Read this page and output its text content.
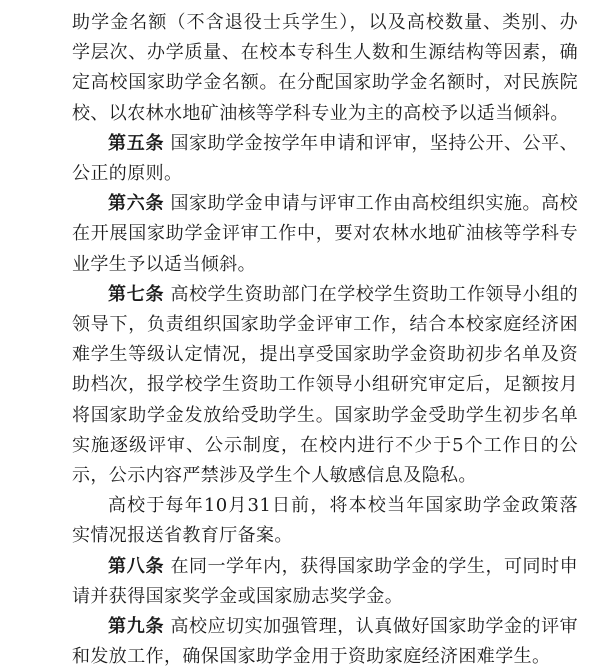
助学金名额（不含退役士兵学生），以及高校数量、类别、办学层次、办学质量、在校本专科生人数和生源结构等因素，确定高校国家助学金名额。在分配国家助学金名额时，对民族院校、以农林水地矿油核等学科专业为主的高校予以适当倾斜。

第五条 国家助学金按学年申请和评审，坚持公开、公平、公正的原则。

第六条 国家助学金申请与评审工作由高校组织实施。高校在开展国家助学金评审工作中，要对农林水地矿油核等学科专业学生予以适当倾斜。

第七条 高校学生资助部门在学校学生资助工作领导小组的领导下，负责组织国家助学金评审工作，结合本校家庭经济困难学生等级认定情况，提出享受国家助学金资助初步名单及资助档次，报学校学生资助工作领导小组研究审定后，足额按月将国家助学金发放给受助学生。国家助学金受助学生初步名单实施逐级评审、公示制度，在校内进行不少于5个工作日的公示，公示内容严禁涉及学生个人敏感信息及隐私。

高校于每年10月31日前，将本校当年国家助学金政策落实情况报送省教育厅备案。

第八条 在同一学年内，获得国家助学金的学生，可同时申请并获得国家奖学金或国家励志奖学金。

第九条 高校应切实加强管理，认真做好国家助学金的评审和发放工作，确保国家助学金用于资助家庭经济困难学生。
